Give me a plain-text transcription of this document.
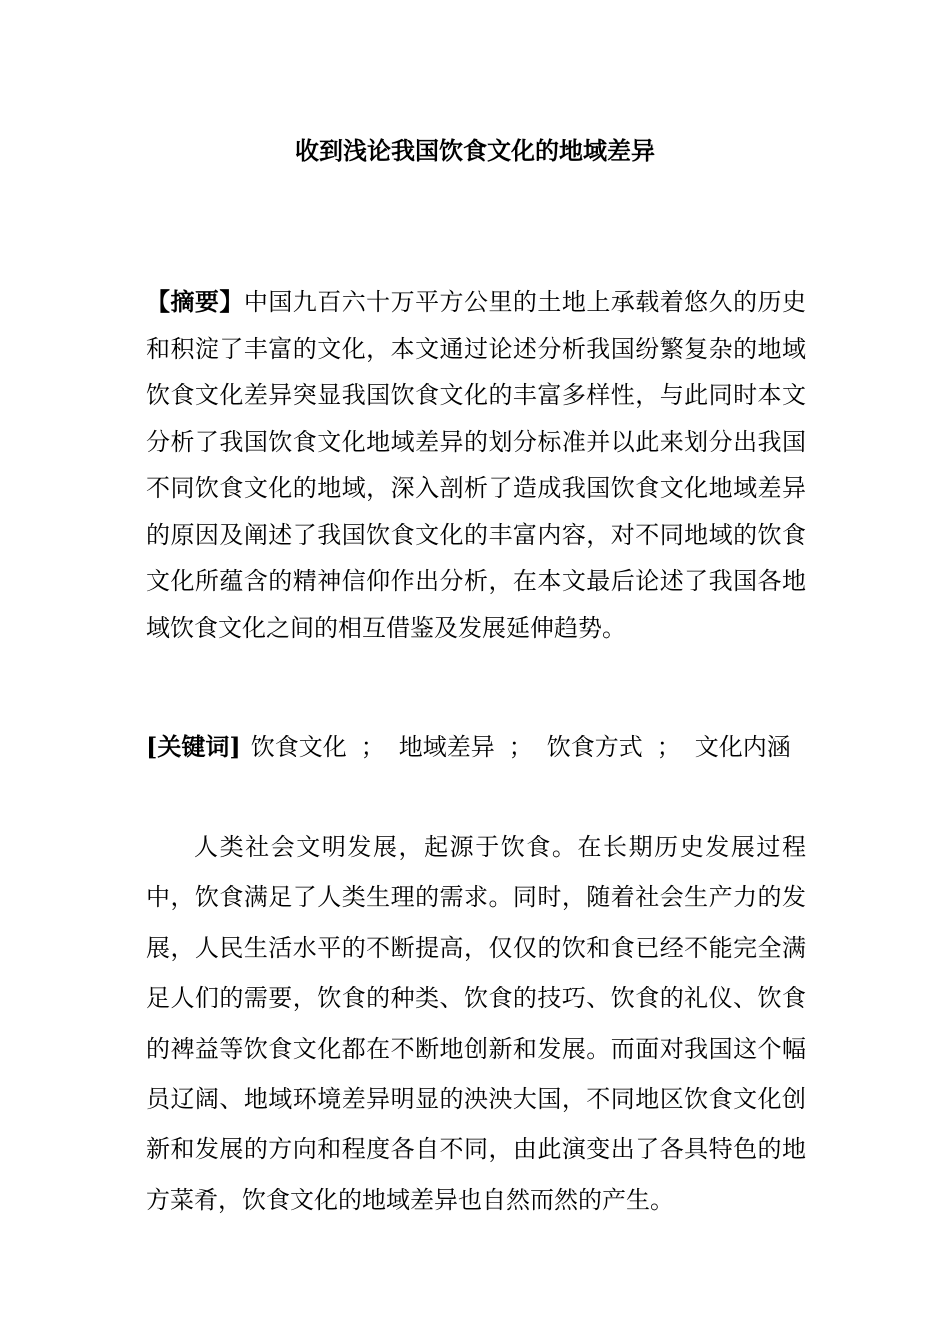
收到浅论我国饮食文化的地域差异

【摘要】中国九百六十万平方公里的土地上承载着悠久的历史和积淀了丰富的文化，本文通过论述分析我国纷繁复杂的地域饮食文化差异突显我国饮食文化的丰富多样性，与此同时本文分析了我国饮食文化地域差异的划分标准并以此来划分出我国不同饮食文化的地域，深入剖析了造成我国饮食文化地域差异的原因及阐述了我国饮食文化的丰富内容，对不同地域的饮食文化所蕴含的精神信仰作出分析，在本文最后论述了我国各地域饮食文化之间的相互借鉴及发展延伸趋势。

[关键词] 饮食文化 ； 地域差异 ； 饮食方式 ； 文化内涵

人类社会文明发展，起源于饮食。在长期历史发展过程中，饮食满足了人类生理的需求。同时，随着社会生产力的发展，人民生活水平的不断提高，仅仅的饮和食已经不能完全满足人们的需要，饮食的种类、饮食的技巧、饮食的礼仪、饮食的裨益等饮食文化都在不断地创新和发展。而面对我国这个幅员辽阔、地域环境差异明显的泱泱大国，不同地区饮食文化创新和发展的方向和程度各自不同，由此演变出了各具特色的地方菜肴，饮食文化的地域差异也自然而然的产生。
